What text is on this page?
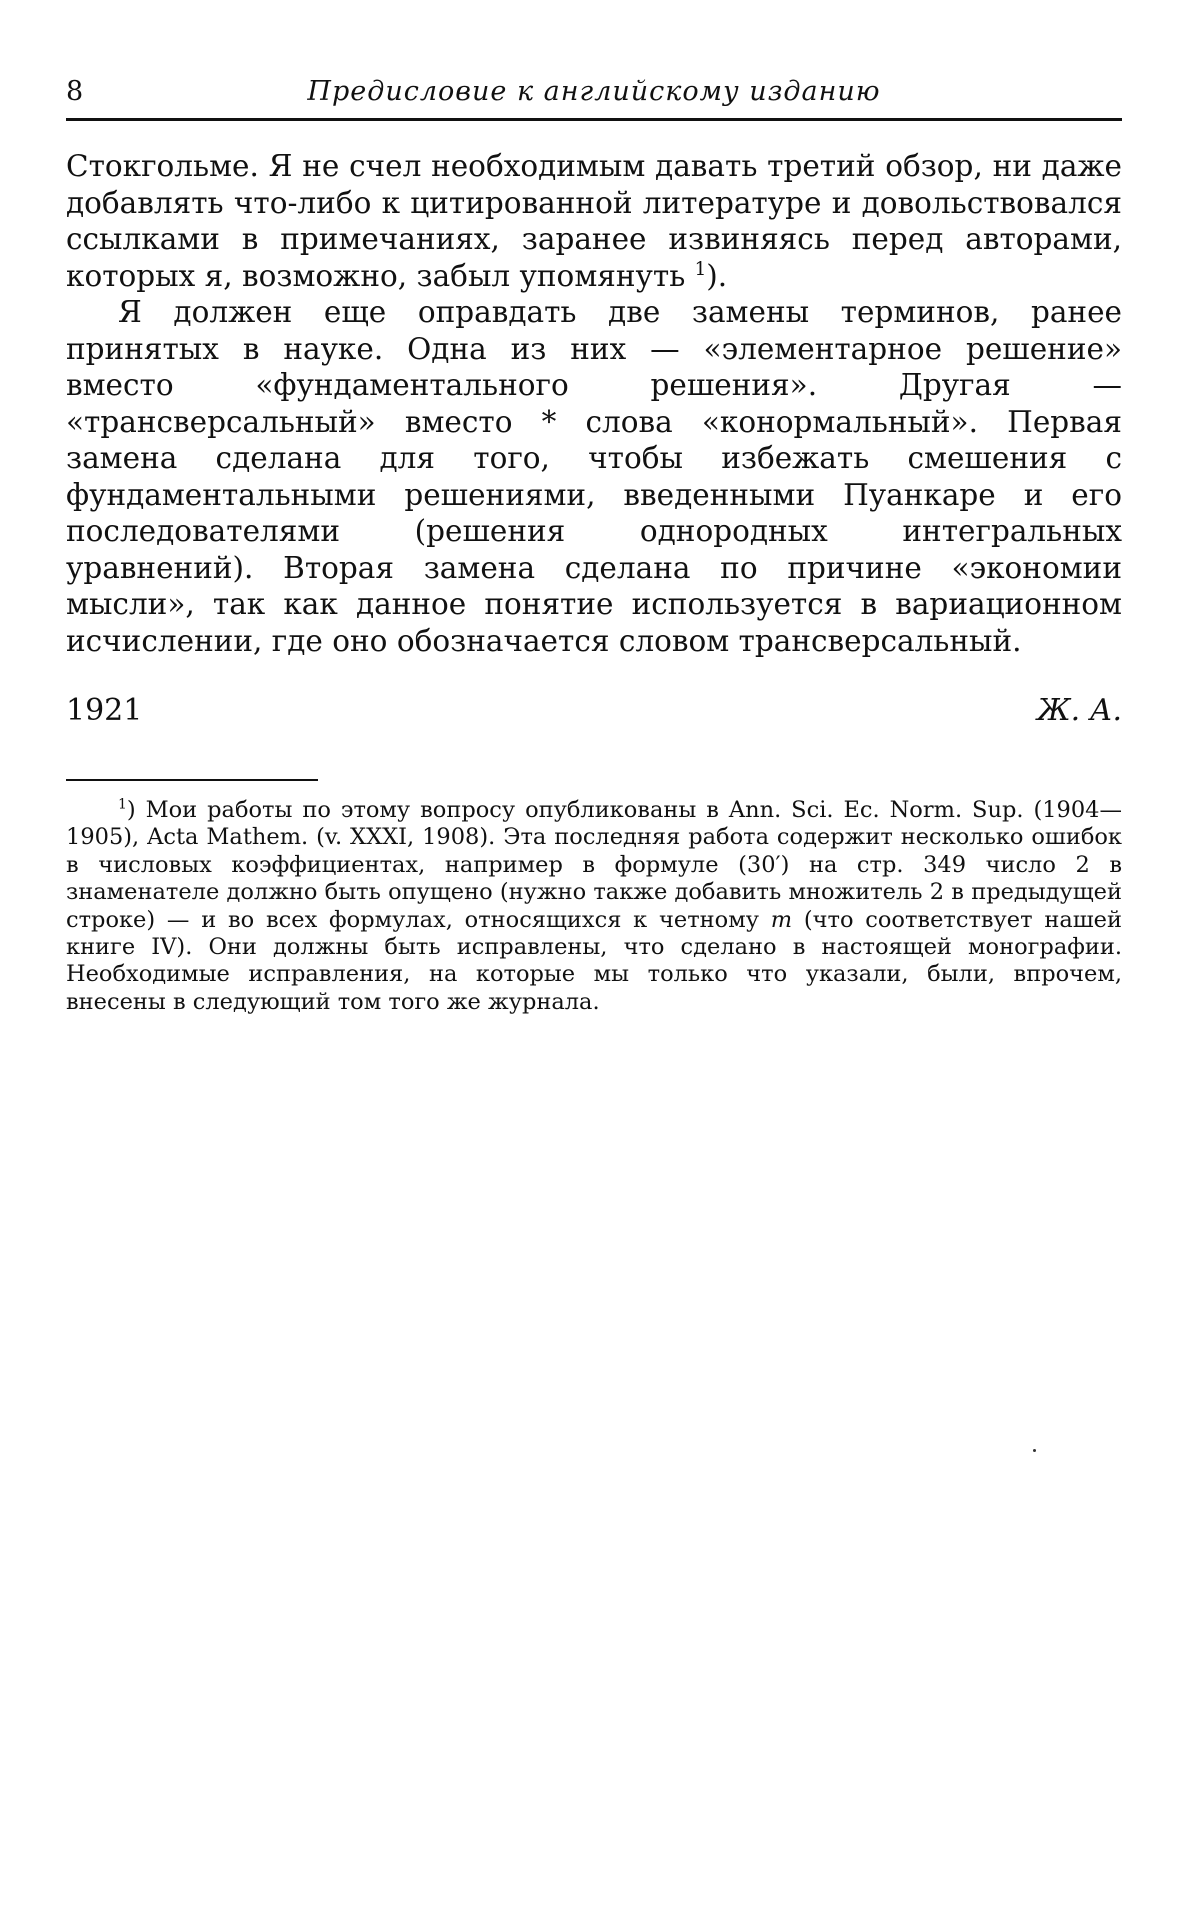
8	Предисловие к английскому изданию

Стокгольме. Я не счел необходимым давать третий обзор, ни даже добавлять что-либо к цитированной литературе и довольствовался ссылками в примечаниях, заранее извиняясь перед авторами, которых я, возможно, забыл упомянуть $^1$).

Я должен еще оправдать две замены терминов, ранее принятых в науке. Одна из них — «элементарное решение» вместо «фундаментального решения». Другая — «трансверсальный» вместо * слова «конормальный». Первая замена сделана для того, чтобы избежать смешения с фундаментальными решениями, введенными Пуанкаре и его последователями (решения однородных интегральных уравнений). Вторая замена сделана по причине «экономии мысли», так как данное понятие используется в вариационном исчислении, где оно обозначается словом трансверсальный.

1921	Ж. А.

$^1$) Мои работы по этому вопросу опубликованы в Ann. Sci. Ec. Norm. Sup. (1904—1905), Acta Mathem. (v. XXXI, 1908). Эта последняя работа содержит несколько ошибок в числовых коэффициентах, например в формуле (30′) на стр. 349 число 2 в знаменателе должно быть опущено (нужно также добавить множитель 2 в предыдущей строке) — и во всех формулах, относящихся к четному m (что соответствует нашей книге IV). Они должны быть исправлены, что сделано в настоящей монографии. Необходимые исправления, на которые мы только что указали, были, впрочем, внесены в следующий том того же журнала.
